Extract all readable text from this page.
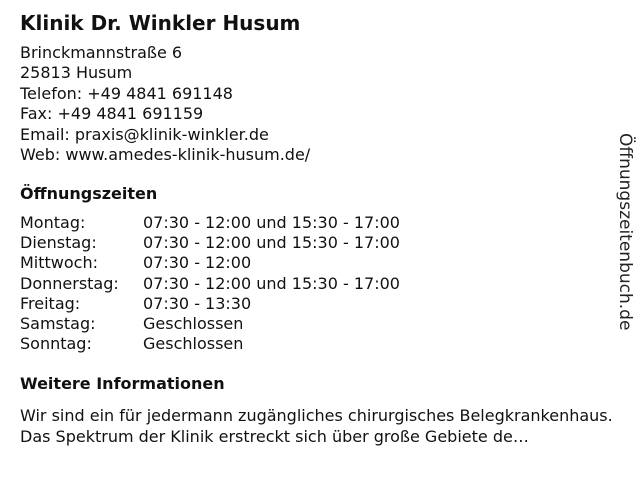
Klinik Dr. Winkler Husum
Brinckmannstraße 6
25813 Husum
Telefon: +49 4841 691148
Fax: +49 4841 691159
Email: praxis@klinik-winkler.de
Web: www.amedes-klinik-husum.de/
Öffnungszeiten
Montag:	07:30 - 12:00 und 15:30 - 17:00
Dienstag:	07:30 - 12:00 und 15:30 - 17:00
Mittwoch:	07:30 - 12:00
Donnerstag:	07:30 - 12:00 und 15:30 - 17:00
Freitag:	07:30 - 13:30
Samstag:	Geschlossen
Sonntag:	Geschlossen
Weitere Informationen
Wir sind ein für jedermann zugängliches chirurgisches Belegkrankenhaus. Das Spektrum der Klinik erstreckt sich über große Gebiete de…
Öffnungszeitenbuch.de
